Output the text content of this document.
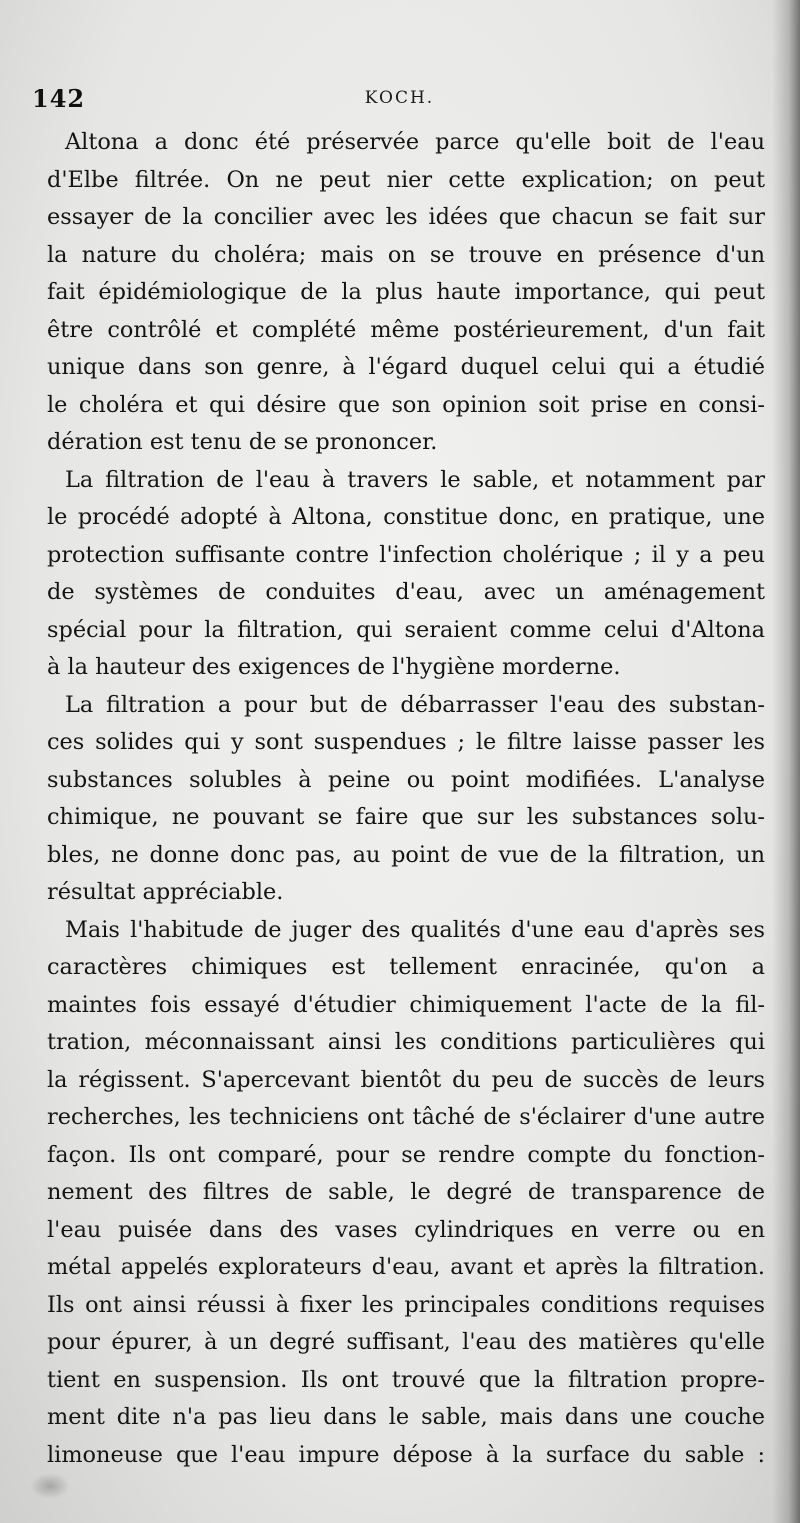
142	KOCH.
Altona a donc été préservée parce qu'elle boit de l'eau
d'Elbe filtrée. On ne peut nier cette explication; on peut
essayer de la concilier avec les idées que chacun se fait sur
la nature du choléra; mais on se trouve en présence d'un
fait épidémiologique de la plus haute importance, qui peut
être contrôlé et complété même postérieurement, d'un fait
unique dans son genre, à l'égard duquel celui qui a étudié
le choléra et qui désire que son opinion soit prise en consi-
dération est tenu de se prononcer.
La filtration de l'eau à travers le sable, et notamment par
le procédé adopté à Altona, constitue donc, en pratique, une
protection suffisante contre l'infection cholérique ; il y a peu
de systèmes de conduites d'eau, avec un aménagement
spécial pour la filtration, qui seraient comme celui d'Altona
à la hauteur des exigences de l'hygiène morderne.
La filtration a pour but de débarrasser l'eau des substan-
ces solides qui y sont suspendues ; le filtre laisse passer les
substances solubles à peine ou point modifiées. L'analyse
chimique, ne pouvant se faire que sur les substances solu-
bles, ne donne donc pas, au point de vue de la filtration, un
résultat appréciable.
Mais l'habitude de juger des qualités d'une eau d'après ses
caractères chimiques est tellement enracinée, qu'on a
maintes fois essayé d'étudier chimiquement l'acte de la fil-
tration, méconnaissant ainsi les conditions particulières qui
la régissent. S'apercevant bientôt du peu de succès de leurs
recherches, les techniciens ont tâché de s'éclairer d'une autre
façon. Ils ont comparé, pour se rendre compte du fonction-
nement des filtres de sable, le degré de transparence de
l'eau puisée dans des vases cylindriques en verre ou en
métal appelés explorateurs d'eau, avant et après la filtration.
Ils ont ainsi réussi à fixer les principales conditions requises
pour épurer, à un degré suffisant, l'eau des matières qu'elle
tient en suspension. Ils ont trouvé que la filtration propre-
ment dite n'a pas lieu dans le sable, mais dans une couche
limoneuse que l'eau impure dépose à la surface du sable :
